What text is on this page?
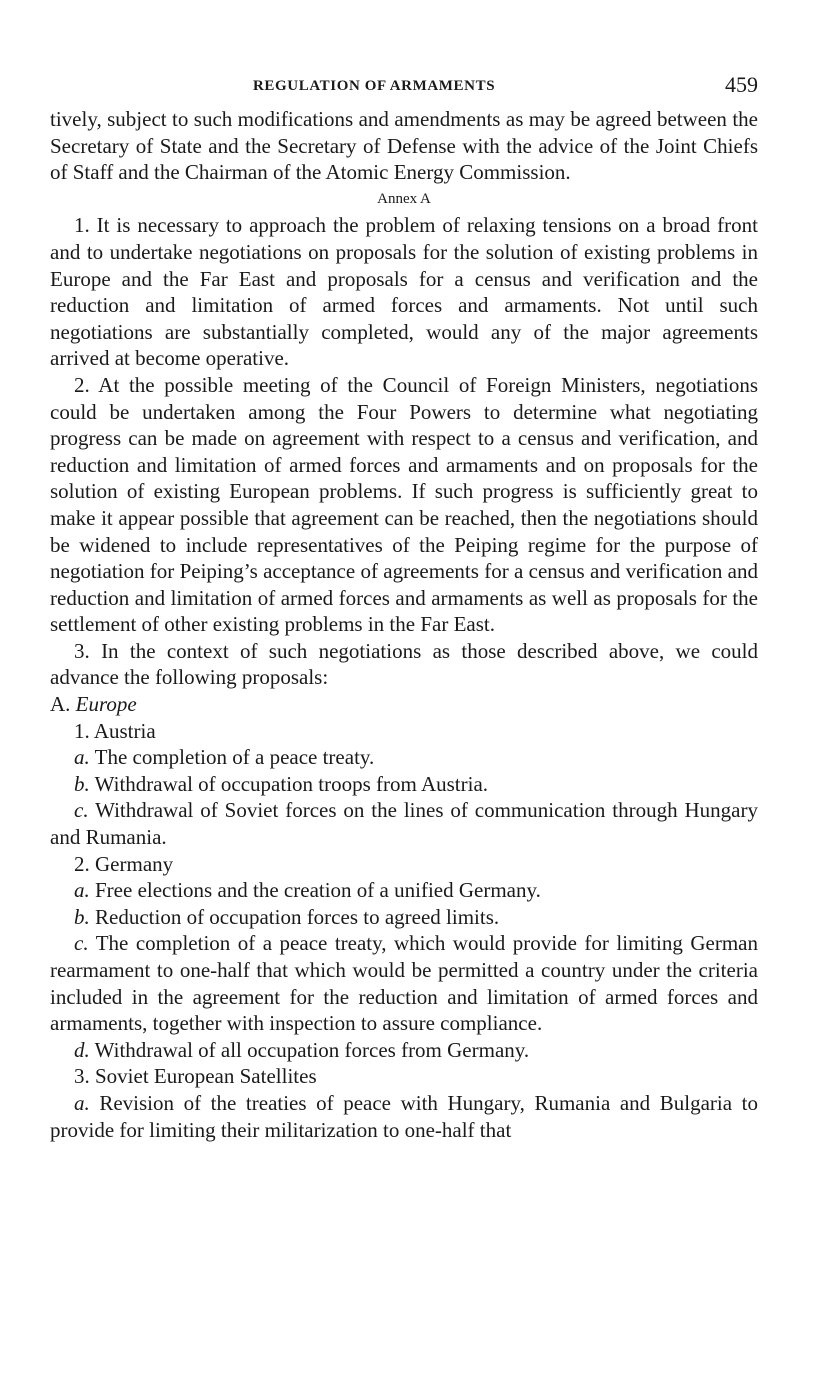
REGULATION OF ARMAMENTS	459

tively, subject to such modifications and amendments as may be agreed between the Secretary of State and the Secretary of Defense with the advice of the Joint Chiefs of Staff and the Chairman of the Atomic Energy Commission.

Annex A

1. It is necessary to approach the problem of relaxing tensions on a broad front and to undertake negotiations on proposals for the solution of existing problems in Europe and the Far East and proposals for a census and verification and the reduction and limitation of armed forces and armaments. Not until such negotiations are substantially completed, would any of the major agreements arrived at become operative.

2. At the possible meeting of the Council of Foreign Ministers, negotiations could be undertaken among the Four Powers to determine what negotiating progress can be made on agreement with respect to a census and verification, and reduction and limitation of armed forces and armaments and on proposals for the solution of existing European problems. If such progress is sufficiently great to make it appear possible that agreement can be reached, then the negotiations should be widened to include representatives of the Peiping regime for the purpose of negotiation for Peiping’s acceptance of agreements for a census and verification and reduction and limitation of armed forces and armaments as well as proposals for the settlement of other existing problems in the Far East.

3. In the context of such negotiations as those described above, we could advance the following proposals:

A. Europe

1. Austria

a. The completion of a peace treaty.

b. Withdrawal of occupation troops from Austria.

c. Withdrawal of Soviet forces on the lines of communication through Hungary and Rumania.

2. Germany

a. Free elections and the creation of a unified Germany.

b. Reduction of occupation forces to agreed limits.

c. The completion of a peace treaty, which would provide for limiting German rearmament to one-half that which would be permitted a country under the criteria included in the agreement for the reduction and limitation of armed forces and armaments, together with inspection to assure compliance.

d. Withdrawal of all occupation forces from Germany.

3. Soviet European Satellites

a. Revision of the treaties of peace with Hungary, Rumania and Bulgaria to provide for limiting their militarization to one-half that
